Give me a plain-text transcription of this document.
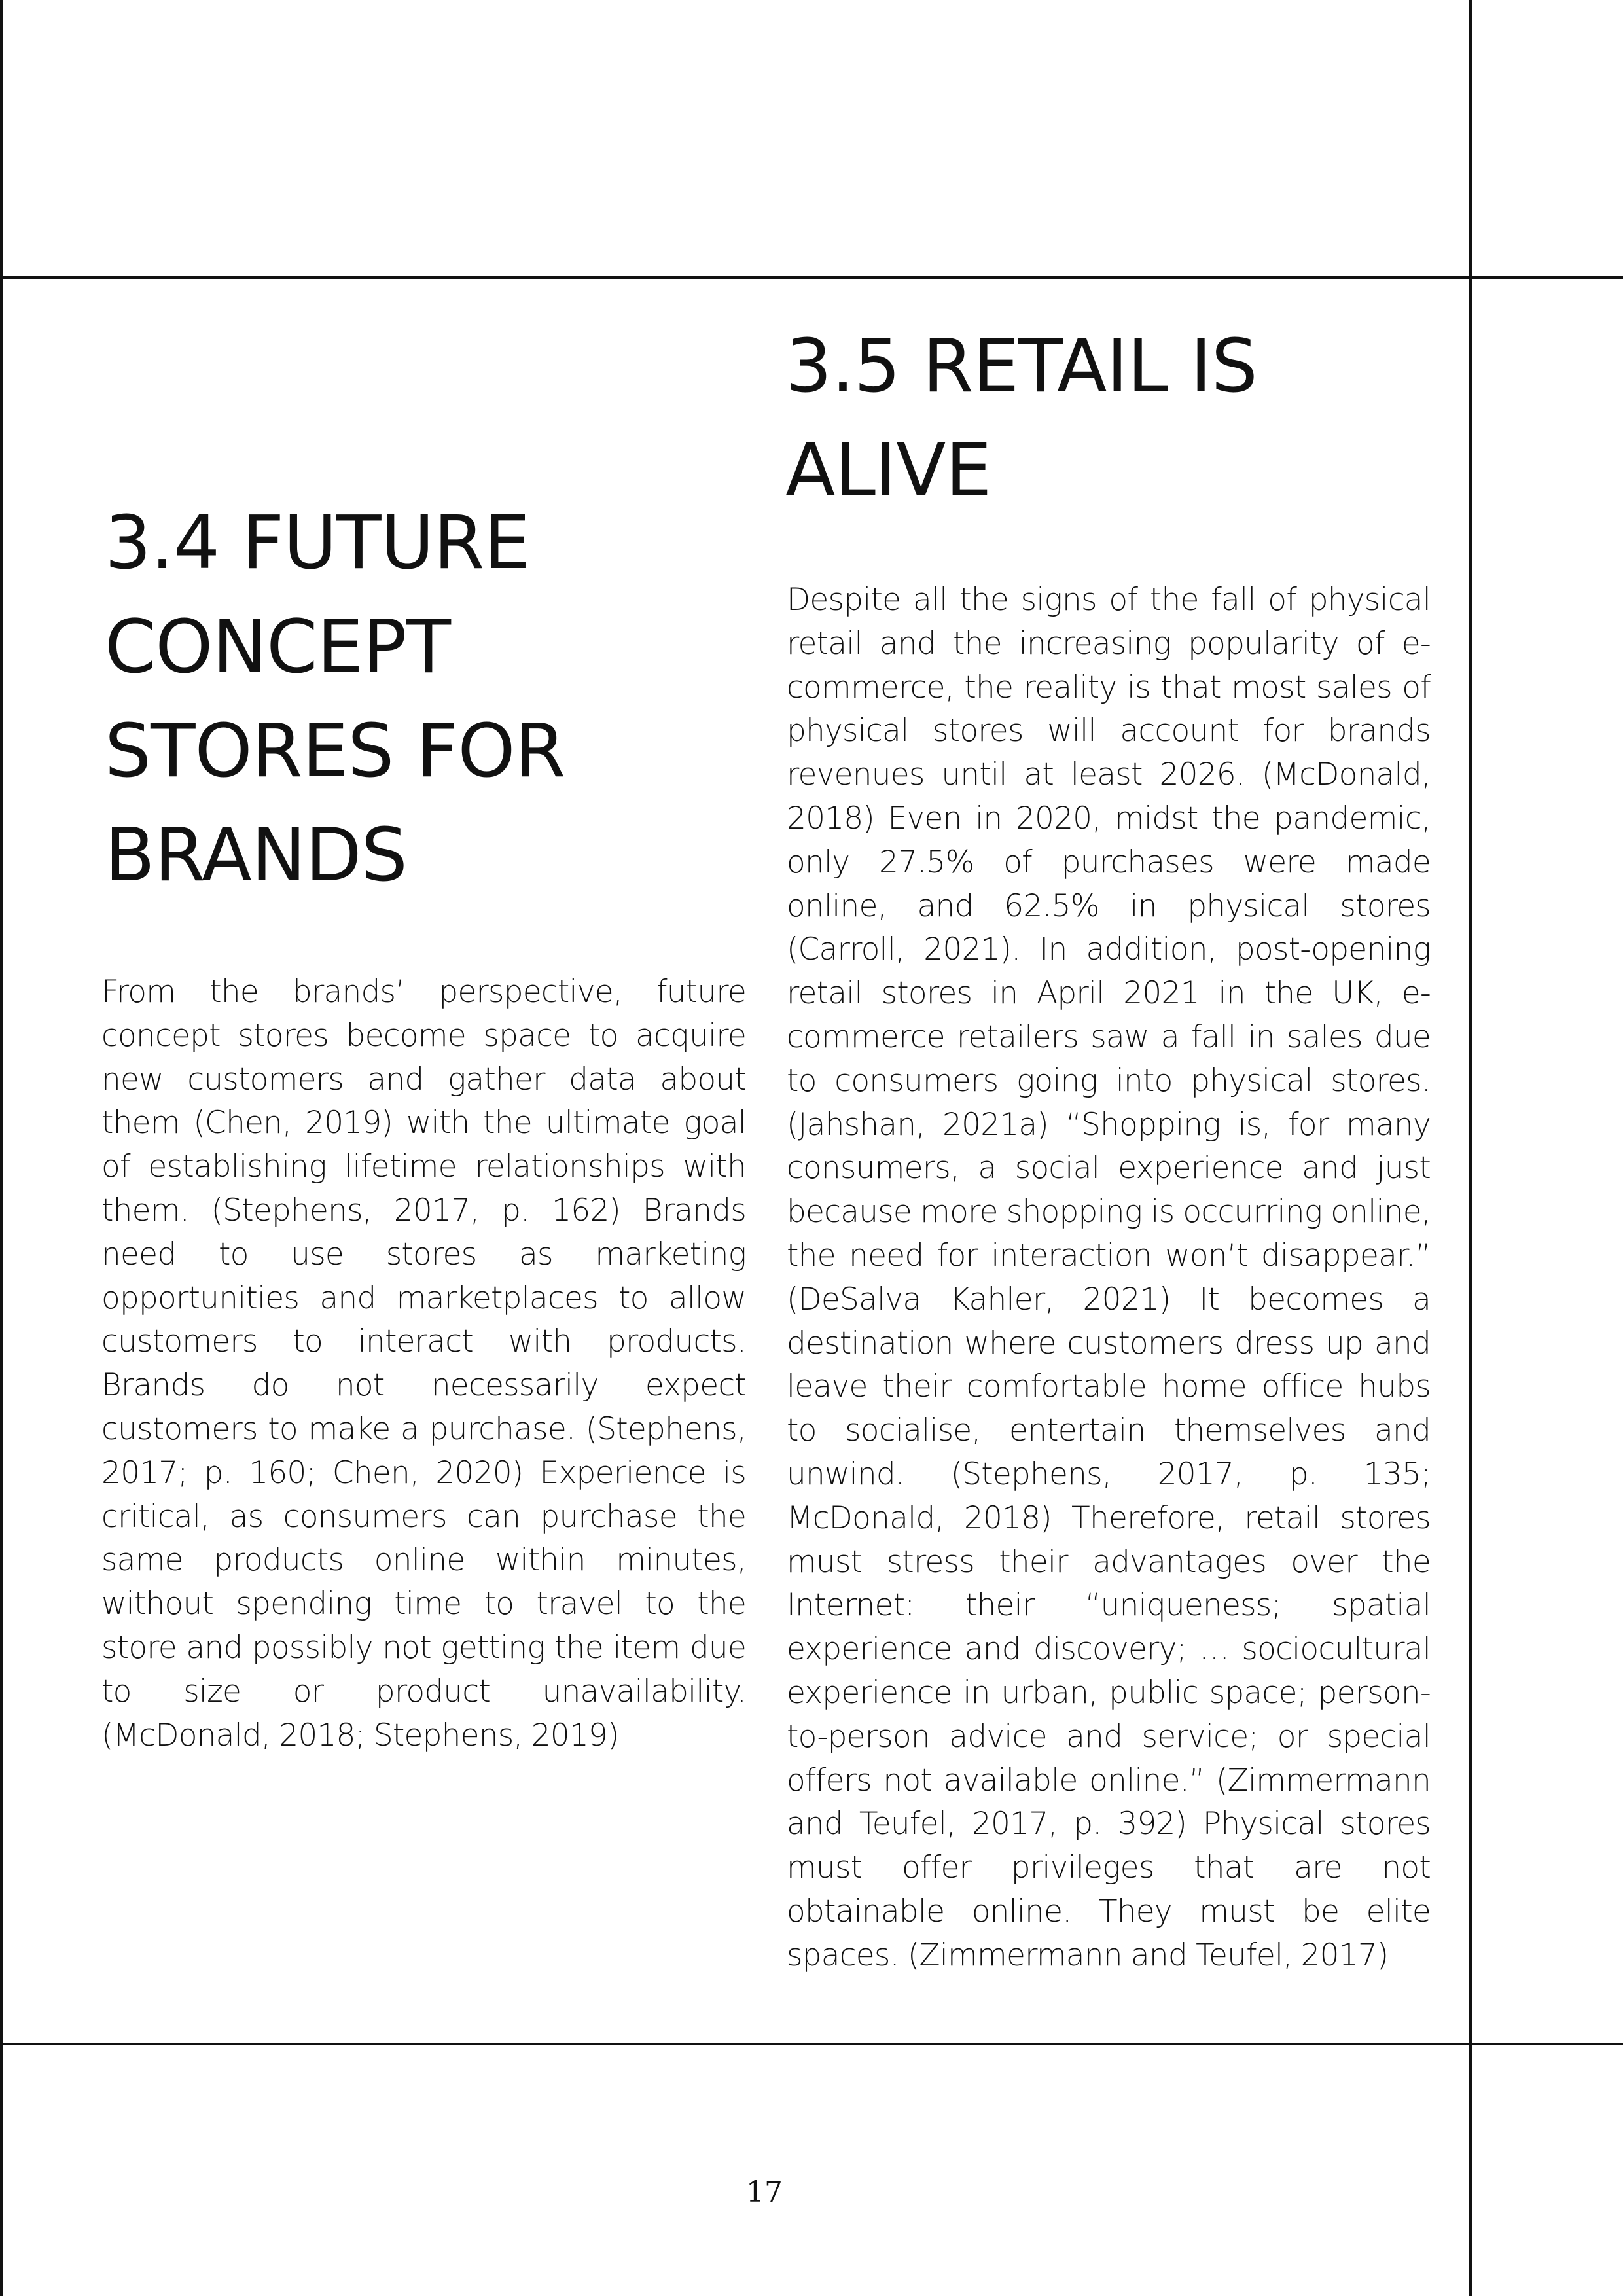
3.4 FUTURE
CONCEPT
STORES FOR
BRANDS

From the brands’ perspective, future concept stores become space to acquire new customers and gather data about them (Chen, 2019) with the ultimate goal of establishing lifetime relationships with them. (Stephens, 2017, p. 162) Brands need to use stores as marketing opportunities and marketplaces to allow customers to interact with products. Brands do not necessarily expect customers to make a purchase. (Stephens, 2017; p. 160; Chen, 2020) Experience is critical, as consumers can purchase the same products online within minutes, without spending time to travel to the store and possibly not getting the item due to size or product unavailability. (McDonald, 2018; Stephens, 2019)

3.5 RETAIL IS
ALIVE

Despite all the signs of the fall of physical retail and the increasing popularity of e-commerce, the reality is that most sales of physical stores will account for brands revenues until at least 2026. (McDonald, 2018) Even in 2020, midst the pandemic, only 27.5% of purchases were made online, and 62.5% in physical stores (Carroll, 2021). In addition, post-opening retail stores in April 2021 in the UK, e-commerce retailers saw a fall in sales due to consumers going into physical stores. (Jahshan, 2021a) “Shopping is, for many consumers, a social experience and just because more shopping is occurring online, the need for interaction won’t disappear.” (DeSalva Kahler, 2021) It becomes a destination where customers dress up and leave their comfortable home office hubs to socialise, entertain themselves and unwind. (Stephens, 2017, p. 135; McDonald, 2018) Therefore, retail stores must stress their advantages over the Internet: their “uniqueness; spatial experience and discovery; … sociocultural experience in urban, public space; person-to-person advice and service; or special offers not available online.” (Zimmermann and Teufel, 2017, p. 392) Physical stores must offer privileges that are not obtainable online. They must be elite spaces. (Zimmermann and Teufel, 2017)

17
